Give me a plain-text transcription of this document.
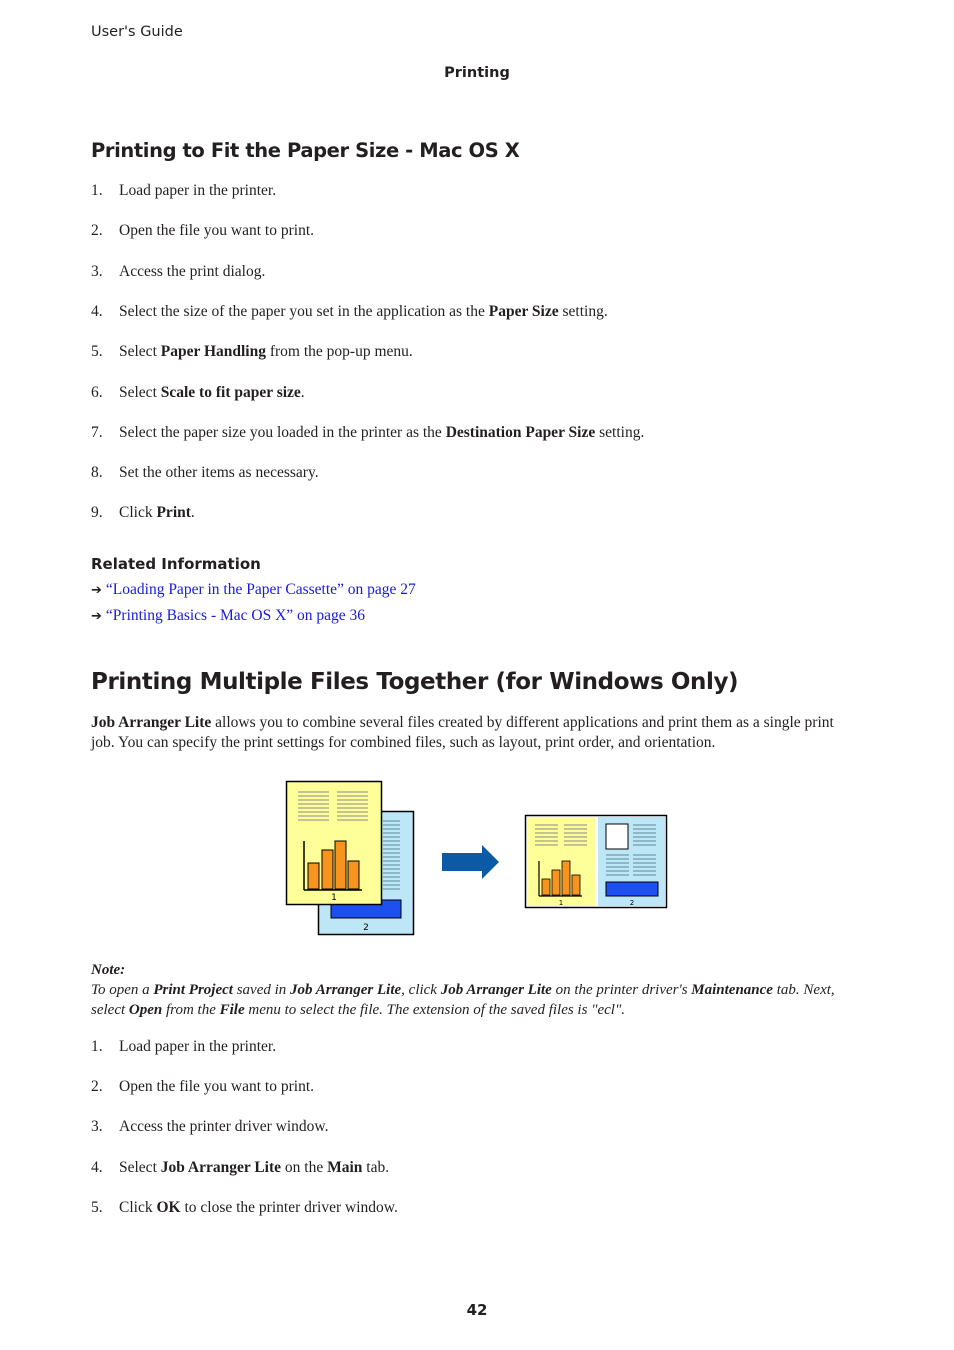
User's Guide
Printing
Printing to Fit the Paper Size - Mac OS X
1. Load paper in the printer.
2. Open the file you want to print.
3. Access the print dialog.
4. Select the size of the paper you set in the application as the Paper Size setting.
5. Select Paper Handling from the pop-up menu.
6. Select Scale to fit paper size.
7. Select the paper size you loaded in the printer as the Destination Paper Size setting.
8. Set the other items as necessary.
9. Click Print.
Related Information
➔ “Loading Paper in the Paper Cassette” on page 27
➔ “Printing Basics - Mac OS X” on page 36
Printing Multiple Files Together (for Windows Only)
Job Arranger Lite allows you to combine several files created by different applications and print them as a single print job. You can specify the print settings for combined files, such as layout, print order, and orientation.
2
1	1	2
Note:
To open a Print Project saved in Job Arranger Lite, click Job Arranger Lite on the printer driver's Maintenance tab. Next, select Open from the File menu to select the file. The extension of the saved files is "ecl".
1. Load paper in the printer.
2. Open the file you want to print.
3. Access the printer driver window.
4. Select Job Arranger Lite on the Main tab.
5. Click OK to close the printer driver window.
42
